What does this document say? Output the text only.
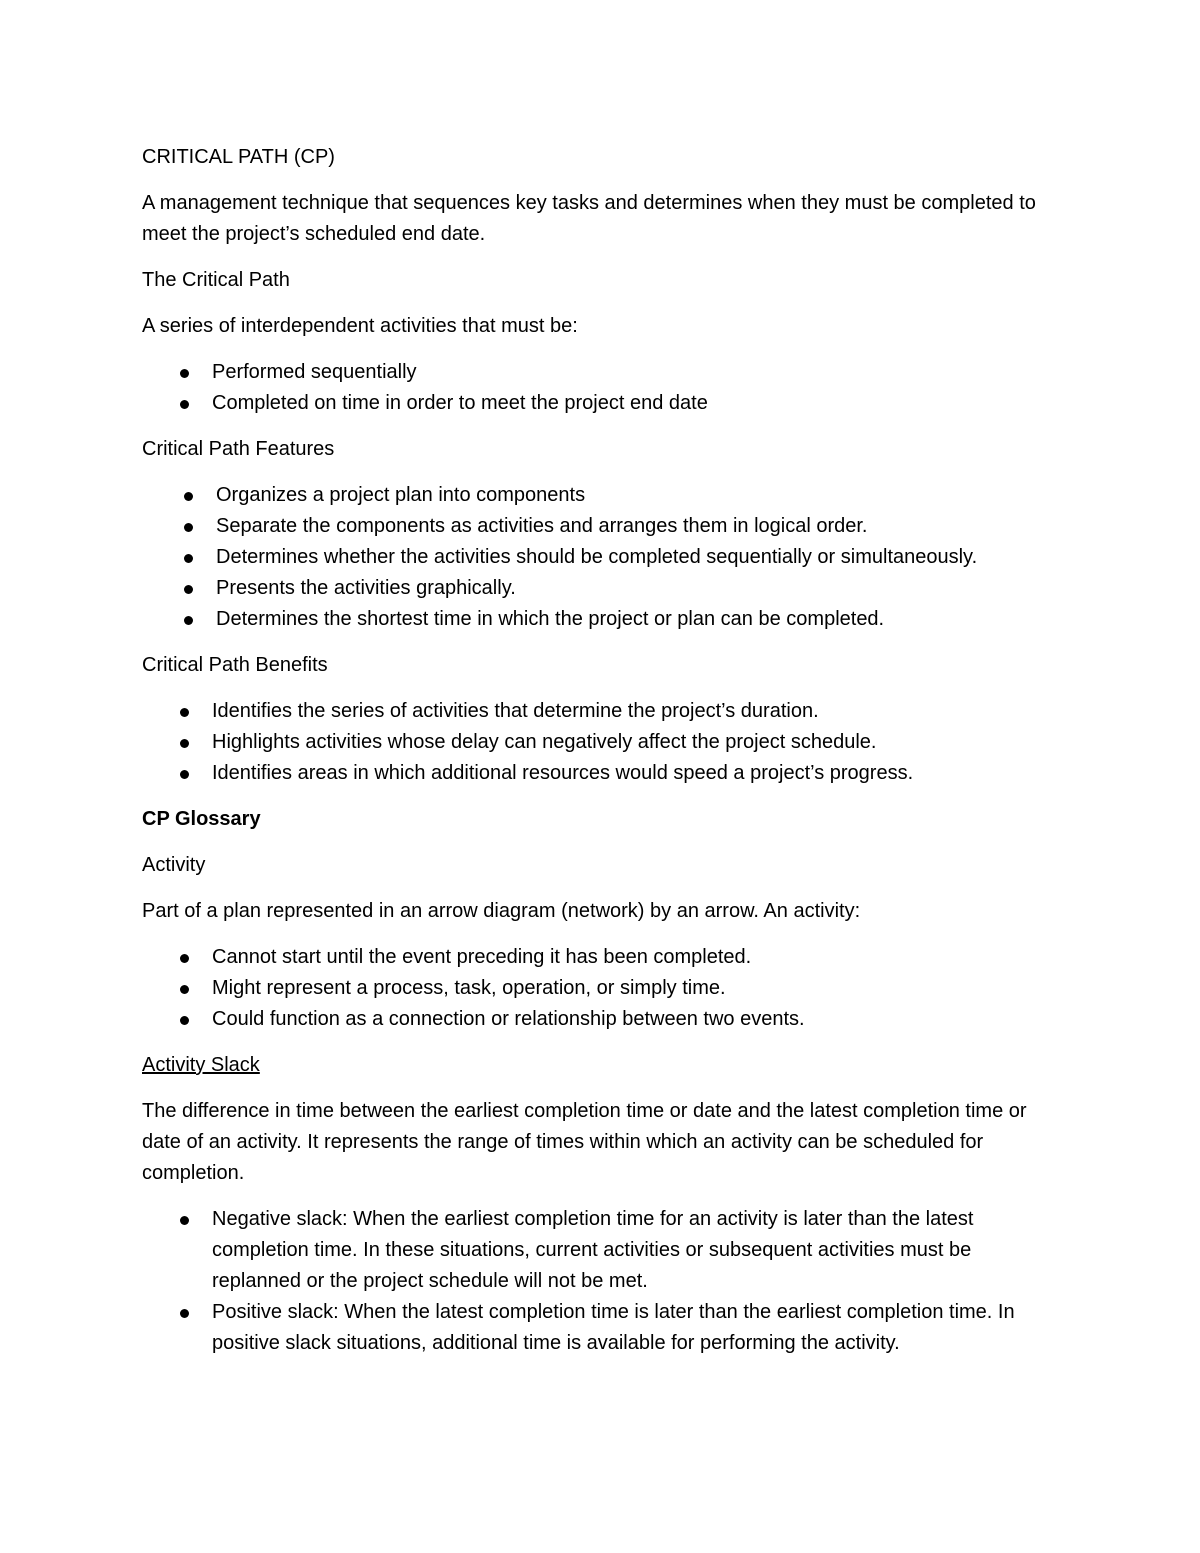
CRITICAL PATH (CP)

A management technique that sequences key tasks and determines when they must be completed to meet the project’s scheduled end date.

The Critical Path

A series of interdependent activities that must be:

Performed sequentially
Completed on time in order to meet the project end date

Critical Path Features

Organizes a project plan into components
Separate the components as activities and arranges them in logical order.
Determines whether the activities should be completed sequentially or simultaneously.
Presents the activities graphically.
Determines the shortest time in which the project or plan can be completed.

Critical Path Benefits

Identifies the series of activities that determine the project’s duration.
Highlights activities whose delay can negatively affect the project schedule.
Identifies areas in which additional resources would speed a project’s progress.

CP Glossary

Activity

Part of a plan represented in an arrow diagram (network) by an arrow. An activity:

Cannot start until the event preceding it has been completed.
Might represent a process, task, operation, or simply time.
Could function as a connection or relationship between two events.

Activity Slack

The difference in time between the earliest completion time or date and the latest completion time or date of an activity. It represents the range of times within which an activity can be scheduled for completion.

Negative slack: When the earliest completion time for an activity is later than the latest completion time. In these situations, current activities or subsequent activities must be replanned or the project schedule will not be met.
Positive slack: When the latest completion time is later than the earliest completion time. In positive slack situations, additional time is available for performing the activity.
